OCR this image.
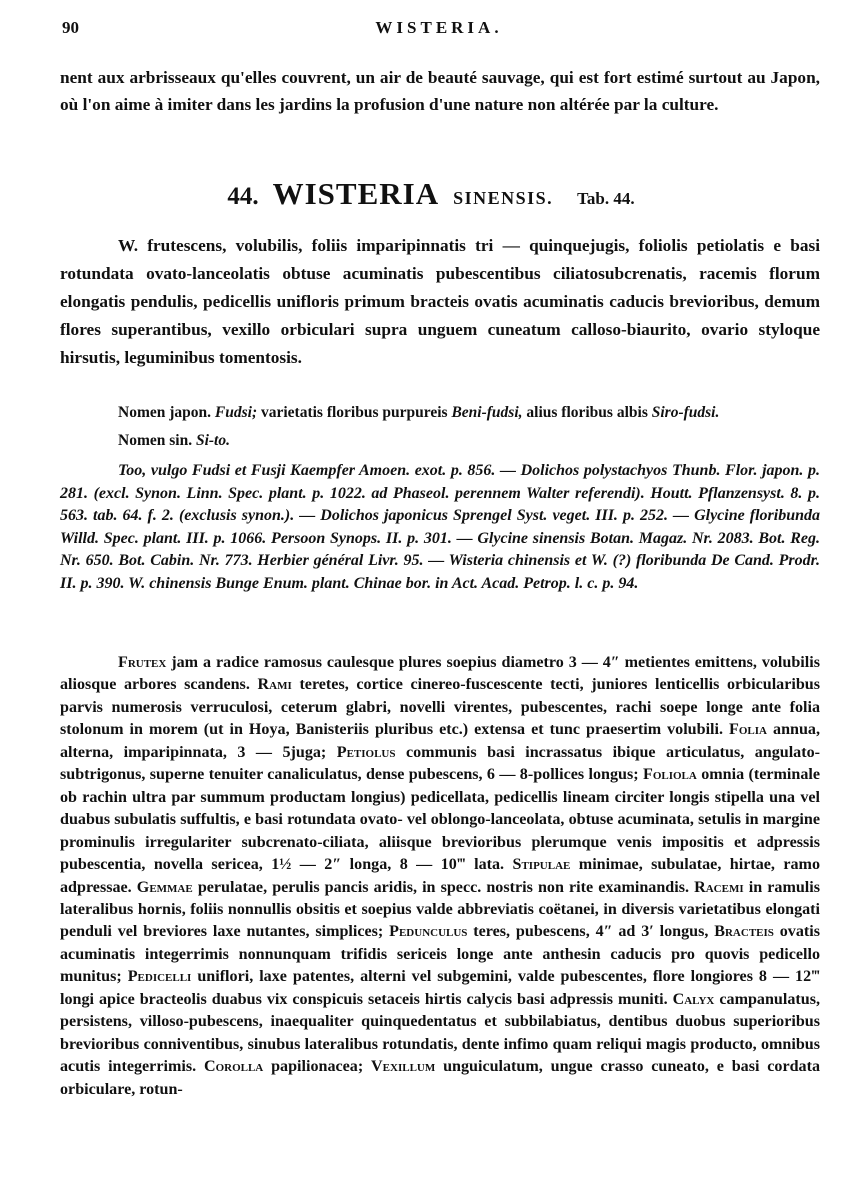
90	WISTERIA.

nent aux arbrisseaux qu'elles couvrent, un air de beauté sauvage, qui est fort estimé surtout au Japon, où l'on aime à imiter dans les jardins la profusion d'une nature non altérée par la culture.

44. WISTERIA SINENSIS. Tab. 44.

W. frutescens, volubilis, foliis imparipinnatis tri — quinquejugis, foliolis petiolatis e basi rotundata ovato-lanceolatis obtuse acuminatis pubescentibus ciliatosubcrenatis, racemis florum elongatis pendulis, pedicellis unifloris primum bracteis ovatis acuminatis caducis brevioribus, demum flores superantibus, vexillo orbiculari supra unguem cuneatum calloso-biaurito, ovario styloque hirsutis, leguminibus tomentosis.

Nomen japon. Fudsi; varietatis floribus purpureis Beni-fudsi, alius floribus albis Siro-fudsi.
Nomen sin. Si-to.

Too, vulgo Fudsi et Fusji Kaempfer Amoen. exot. p. 856. — Dolichos polystachyos Thunb. Flor. japon. p. 281. (excl. Synon. Linn. Spec. plant. p. 1022. ad Phaseol. perennem Walter referendi). Houtt. Pflanzensyst. 8. p. 563. tab. 64. f. 2. (exclusis synon.). — Dolichos japonicus Sprengel Syst. veget. III. p. 252. — Glycine floribunda Willd. Spec. plant. III. p. 1066. Persoon Synops. II. p. 301. — Glycine sinensis Botan. Magaz. Nr. 2083. Bot. Reg. Nr. 650. Bot. Cabin. Nr. 773. Herbier général Livr. 95. — Wisteria chinensis et W. (?) floribunda De Cand. Prodr. II. p. 390. W. chinensis Bunge Enum. plant. Chinae bor. in Act. Acad. Petrop. l. c. p. 94.

Frutex jam a radice ramosus caulesque plures soepius diametro 3 — 4″ metientes emittens, volubilis aliosque arbores scandens. Rami teretes, cortice cinereo-fuscescente tecti, juniores lenticellis orbicularibus parvis numerosis verruculosi, ceterum glabri, novelli virentes, pubescentes, rachi soepe longe ante folia stolonum in morem (ut in Hoya, Banisteriis pluribus etc.) extensa et tunc praesertim volubili. Folia annua, alterna, imparipinnata, 3 — 5juga; Petiolus communis basi incrassatus ibique articulatus, angulato-subtrigonus, superne tenuiter canaliculatus, dense pubescens, 6 — 8-pollices longus; Foliola omnia (terminale ob rachin ultra par summum productam longius) pedicellata, pedicellis lineam circiter longis stipella una vel duabus subulatis suffultis, e basi rotundata ovato- vel oblongo-lanceolata, obtuse acuminata, setulis in margine prominulis irregulariter subcrenato-ciliata, aliisque brevioribus plerumque venis impositis et adpressis pubescentia, novella sericea, 1½ — 2″ longa, 8 — 10‴ lata. Stipulae minimae, subulatae, hirtae, ramo adpressae. Gemmae perulatae, perulis pancis aridis, in specc. nostris non rite examinandis. Racemi in ramulis lateralibus hornis, foliis nonnullis obsitis et soepius valde abbreviatis coëtanei, in diversis varietatibus elongati penduli vel breviores laxe nutantes, simplices; Pedunculus teres, pubescens, 4″ ad 3′ longus, Bracteis ovatis acuminatis integerrimis nonnunquam trifidis sericeis longe ante anthesin caducis pro quovis pedicello munitus; Pedicelli uniflori, laxe patentes, alterni vel subgemini, valde pubescentes, flore longiores 8 — 12‴ longi apice bracteolis duabus vix conspicuis setaceis hirtis calycis basi adpressis muniti. Calyx campanulatus, persistens, villoso-pubescens, inaequaliter quinquedentatus et subbilabiatus, dentibus duobus superioribus brevioribus conniventibus, sinubus lateralibus rotundatis, dente infimo quam reliqui magis producto, omnibus acutis integerrimis. Corolla papilionacea; Vexillum unguiculatum, ungue crasso cuneato, e basi cordata orbiculare, rotun-
